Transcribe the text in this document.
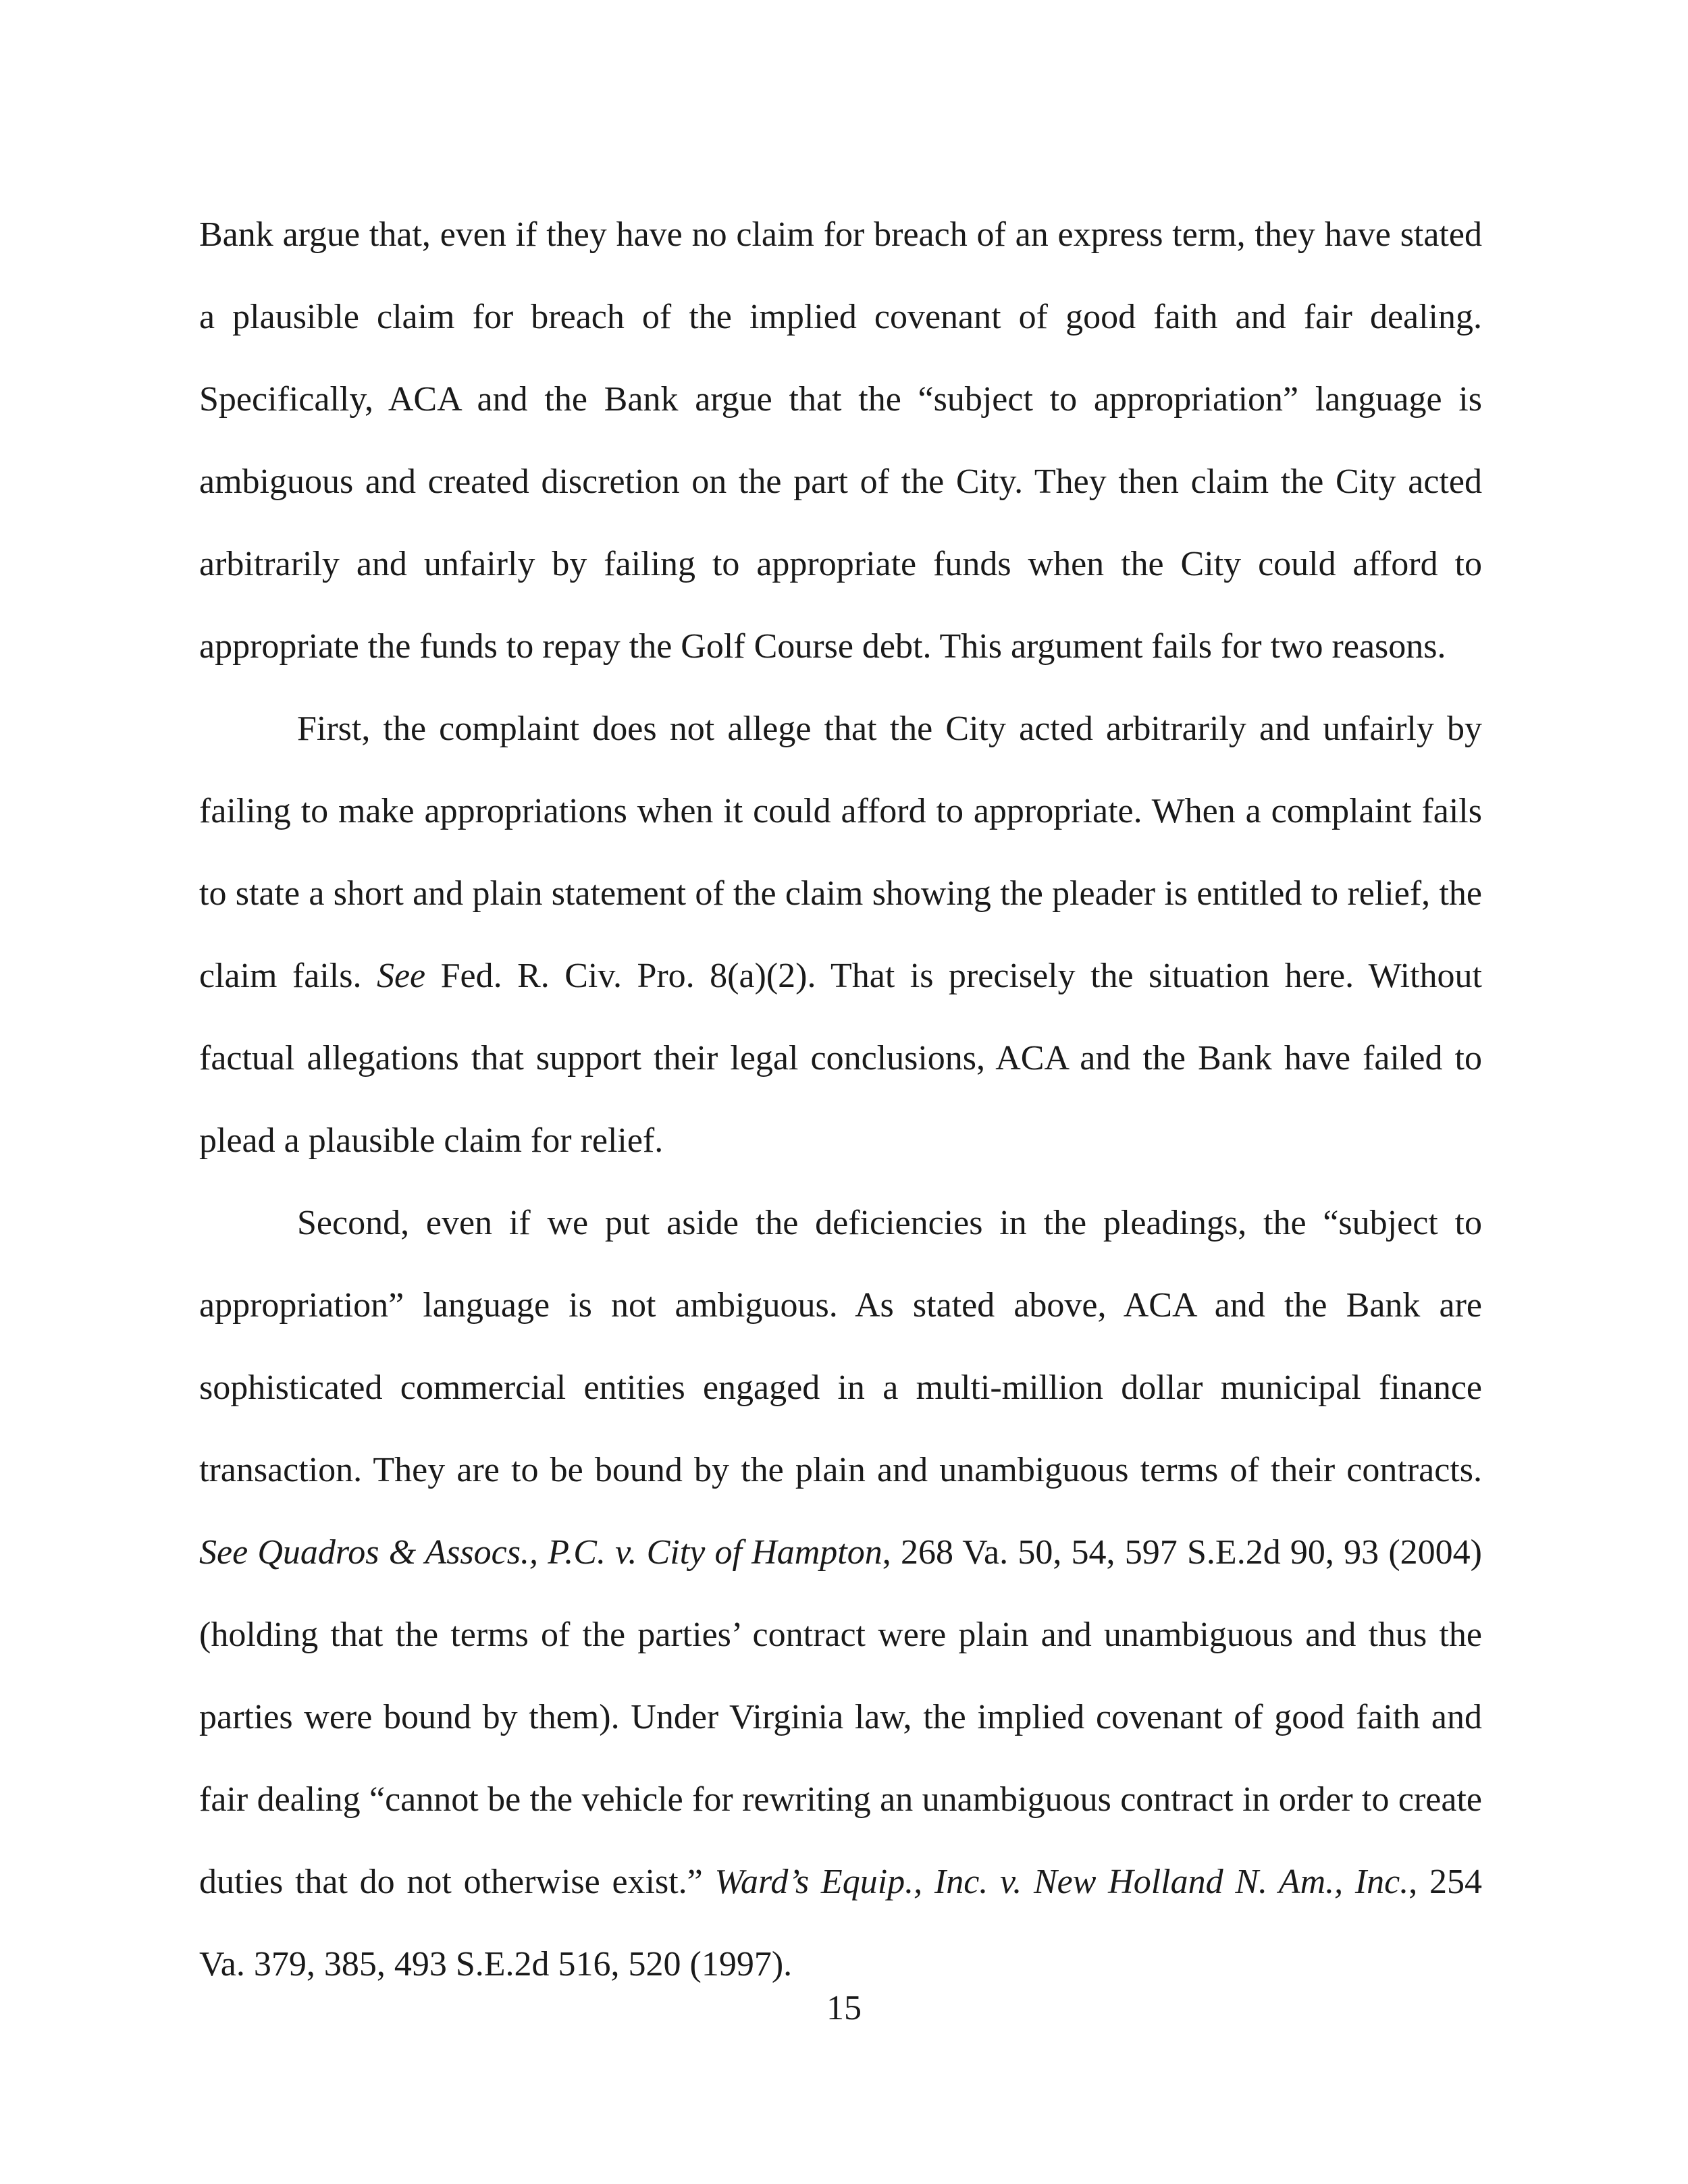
Bank argue that, even if they have no claim for breach of an express term, they have stated a plausible claim for breach of the implied covenant of good faith and fair dealing. Specifically, ACA and the Bank argue that the “subject to appropriation” language is ambiguous and created discretion on the part of the City. They then claim the City acted arbitrarily and unfairly by failing to appropriate funds when the City could afford to appropriate the funds to repay the Golf Course debt. This argument fails for two reasons.

First, the complaint does not allege that the City acted arbitrarily and unfairly by failing to make appropriations when it could afford to appropriate. When a complaint fails to state a short and plain statement of the claim showing the pleader is entitled to relief, the claim fails. See Fed. R. Civ. Pro. 8(a)(2). That is precisely the situation here. Without factual allegations that support their legal conclusions, ACA and the Bank have failed to plead a plausible claim for relief.

Second, even if we put aside the deficiencies in the pleadings, the “subject to appropriation” language is not ambiguous. As stated above, ACA and the Bank are sophisticated commercial entities engaged in a multi-million dollar municipal finance transaction. They are to be bound by the plain and unambiguous terms of their contracts. See Quadros & Assocs., P.C. v. City of Hampton, 268 Va. 50, 54, 597 S.E.2d 90, 93 (2004) (holding that the terms of the parties’ contract were plain and unambiguous and thus the parties were bound by them). Under Virginia law, the implied covenant of good faith and fair dealing “cannot be the vehicle for rewriting an unambiguous contract in order to create duties that do not otherwise exist.” Ward’s Equip., Inc. v. New Holland N. Am., Inc., 254 Va. 379, 385, 493 S.E.2d 516, 520 (1997).

15
